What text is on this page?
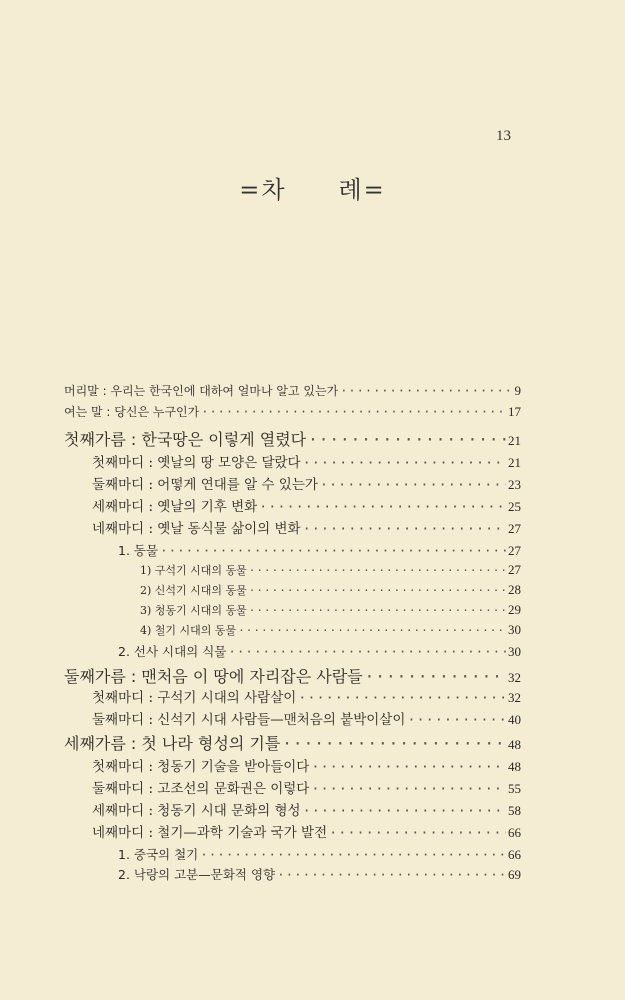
13
=차　　례=
머리말 : 우리는 한국인에 대하여 얼마나 알고 있는가 ·····	9
여는 말 : 당신은 누구인가 ·····	17
첫째가름 : 한국땅은 이렇게 열렸다 ·····	21
첫째마디 : 옛날의 땅 모양은 달랐다 ·····	21
둘째마디 : 어떻게 연대를 알 수 있는가 ·····	23
세째마디 : 옛날의 기후 변화 ·····	25
네째마디 : 옛날 동식물 삶이의 변화 ·····	27
1. 동물 ·····	27
1) 구석기 시대의 동물 ·····	27
2) 신석기 시대의 동물 ·····	28
3) 청동기 시대의 동물 ·····	29
4) 철기 시대의 동물 ·····	30
2. 선사 시대의 식물 ·····	30
둘째가름 : 맨처음 이 땅에 자리잡은 사람들 ·····	32
첫째마디 : 구석기 시대의 사람살이 ·····	32
둘째마디 : 신석기 시대 사람들—맨처음의 붙박이살이 ·····	40
세째가름 : 첫 나라 형성의 기틀 ·····	48
첫째마디 : 청동기 기술을 받아들이다 ·····	48
둘째마디 : 고조선의 문화권은 이렇다 ·····	55
세째마디 : 청동기 시대 문화의 형성 ·····	58
네째마디 : 철기—과학 기술과 국가 발전 ·····	66
1. 중국의 철기 ·····	66
2. 낙랑의 고분—문화적 영향 ·····	69
